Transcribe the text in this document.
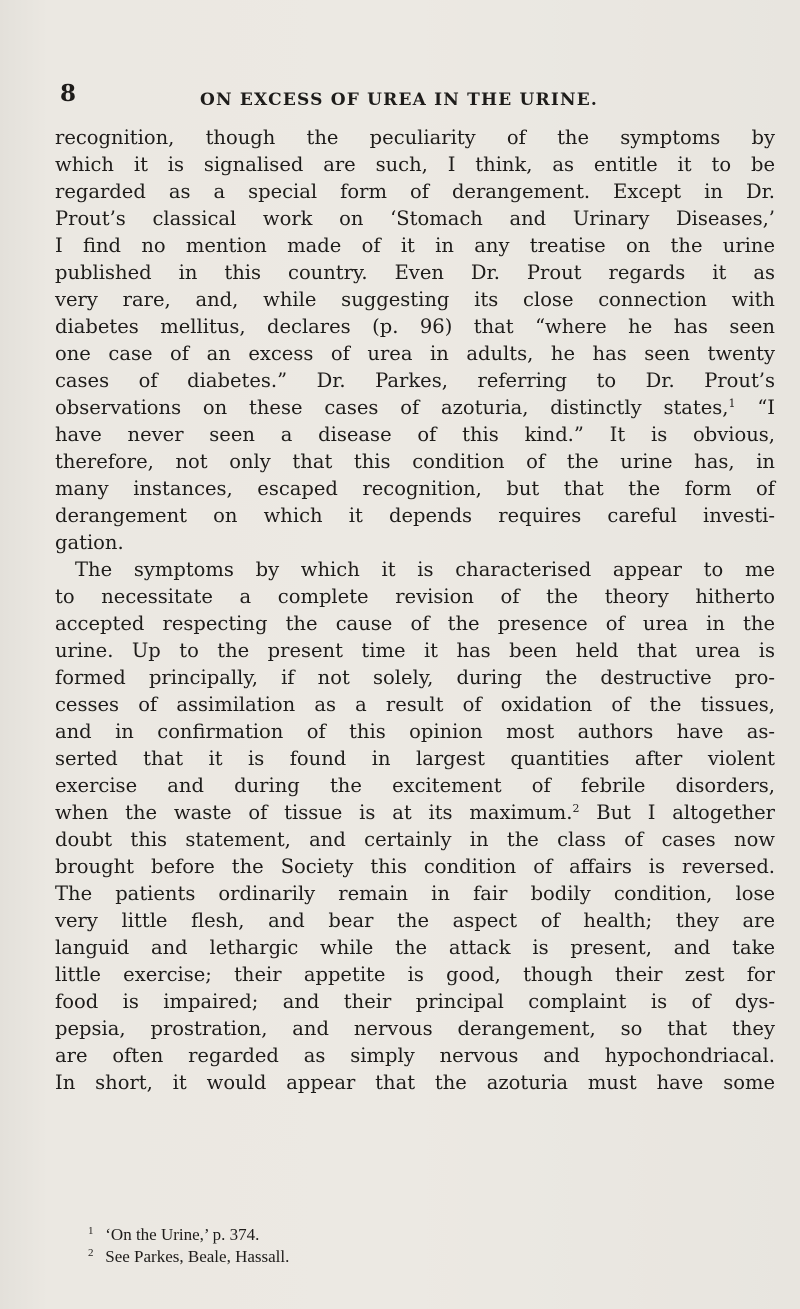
8	ON EXCESS OF UREA IN THE URINE.
recognition, though the peculiarity of the symptoms by
which it is signalised are such, I think, as entitle it to be
regarded as a special form of derangement. Except in Dr.
Prout’s classical work on ‘Stomach and Urinary Diseases,’
I find no mention made of it in any treatise on the urine
published in this country. Even Dr. Prout regards it as
very rare, and, while suggesting its close connection with
diabetes mellitus, declares (p. 96) that “where he has seen
one case of an excess of urea in adults, he has seen twenty
cases of diabetes.” Dr. Parkes, referring to Dr. Prout’s
observations on these cases of azoturia, distinctly states,$^1$ “I
have never seen a disease of this kind.” It is obvious,
therefore, not only that this condition of the urine has, in
many instances, escaped recognition, but that the form of
derangement on which it depends requires careful investi-
gation.
The symptoms by which it is characterised appear to me
to necessitate a complete revision of the theory hitherto
accepted respecting the cause of the presence of urea in the
urine. Up to the present time it has been held that urea is
formed principally, if not solely, during the destructive pro-
cesses of assimilation as a result of oxidation of the tissues,
and in confirmation of this opinion most authors have as-
serted that it is found in largest quantities after violent
exercise and during the excitement of febrile disorders,
when the waste of tissue is at its maximum.$^2$ But I altogether
doubt this statement, and certainly in the class of cases now
brought before the Society this condition of affairs is reversed.
The patients ordinarily remain in fair bodily condition, lose
very little flesh, and bear the aspect of health; they are
languid and lethargic while the attack is present, and take
little exercise; their appetite is good, though their zest for
food is impaired; and their principal complaint is of dys-
pepsia, prostration, and nervous derangement, so that they
are often regarded as simply nervous and hypochondriacal.
In short, it would appear that the azoturia must have some
1 ‘On the Urine,’ p. 374.
2 See Parkes, Beale, Hassall.
